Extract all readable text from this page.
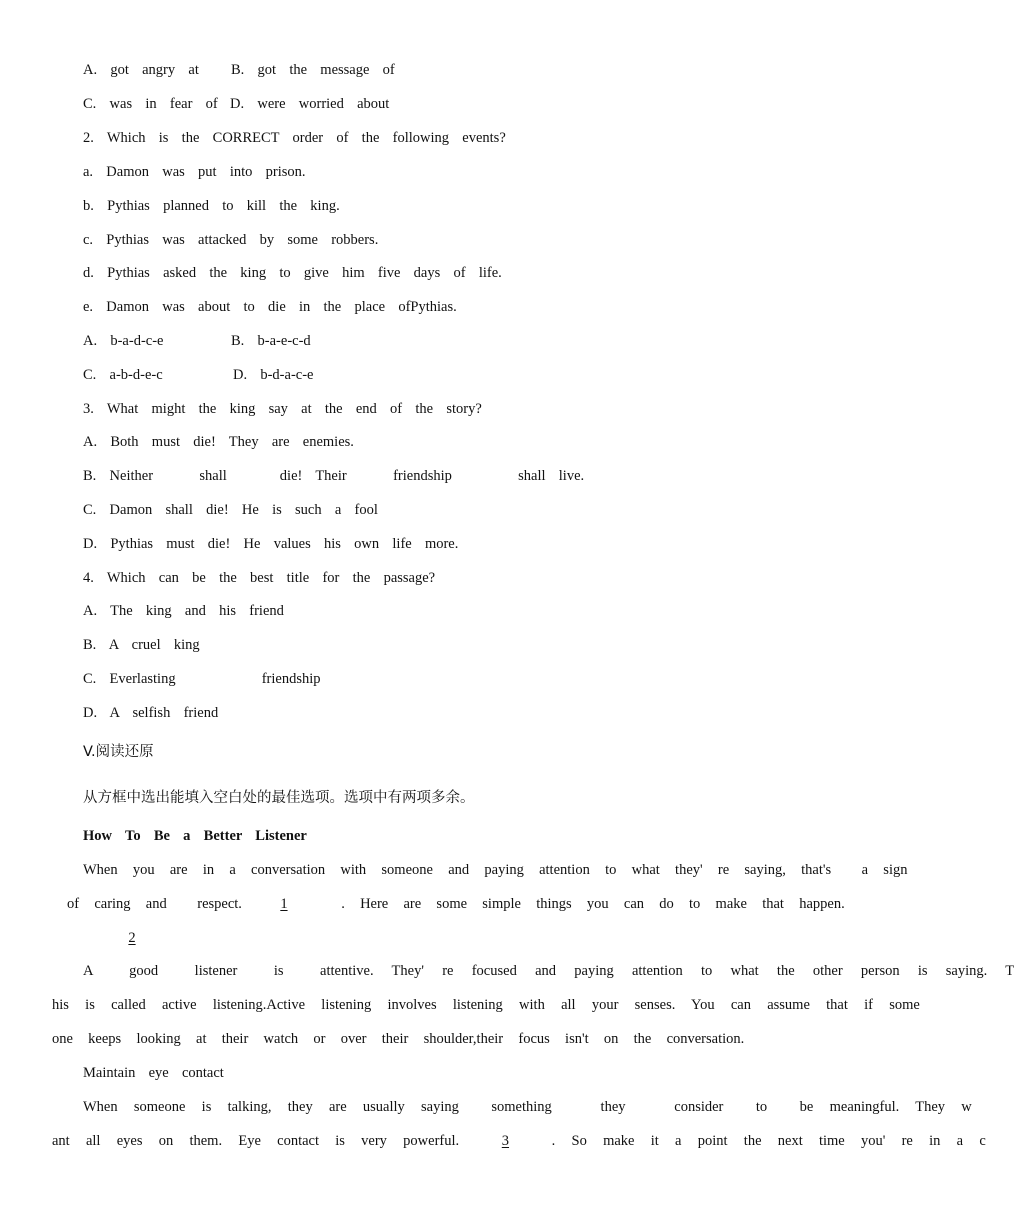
A.  got  angry  at B.  got  the  message  of
C.  was  in  fear  of D.  were  worried  about
2.  Which  is  the  CORRECT  order  of  the  following  events?
a.  Damon  was  put  into  prison.
b.  Pythias  planned  to  kill  the  king.
c.  Pythias  was  attacked  by  some  robbers.
d.  Pythias  asked  the  king  to  give  him  five  days  of  life.
e.  Damon  was  about  to  die  in  the  place  ofPythias.
A.  b-a-d-c-e	B.  b-a-e-c-d
C.  a-b-d-e-c	D.  b-d-a-c-e
3.  What  might  the  king  say  at  the  end  of  the  story?
A.  Both  must  die!  They  are  enemies.
B.  Neither       shall        die!  Their       friendship          shall  live.
C.  Damon  shall  die!  He  is  such  a  fool
D.  Pythias  must  die!  He  values  his  own  life  more.
4.  Which  can  be  the  best  title  for  the  passage?
A.  The  king  and  his  friend
B.  A  cruel  king
C.  Everlasting             friendship
D.  A  selfish  friend
V.阅读还原
从方框中选出能填入空白处的最佳选项。选项中有两项多余。
How  To  Be  a  Better  Listener
When  you  are  in  a  conversation  with  someone  and  paying  attention  to  what  they'  re  saying,  that's    a  sign
of  caring  and    respect.	1	.  Here  are  some  simple  things  you  can  do  to  make  that  happen.
2
A    good    listener    is    attentive.  They'  re  focused  and  paying  attention  to  what  the  other  person  is  saying.  T
his  is  called  active  listening.Active  listening  involves  listening  with  all  your  senses.  You  can  assume  that  if  some
one  keeps  looking  at  their  watch  or  over  their  shoulder,their  focus  isn't  on  the  conversation.
Maintain  eye  contact
When  someone  is  talking,  they  are  usually  saying    something      they      consider    to    be  meaningful.  They  w
ant  all  eyes  on  them.  Eye  contact  is  very  powerful.  3  .  So  make  it  a  point  the  next  time  you'  re  in  a  c
